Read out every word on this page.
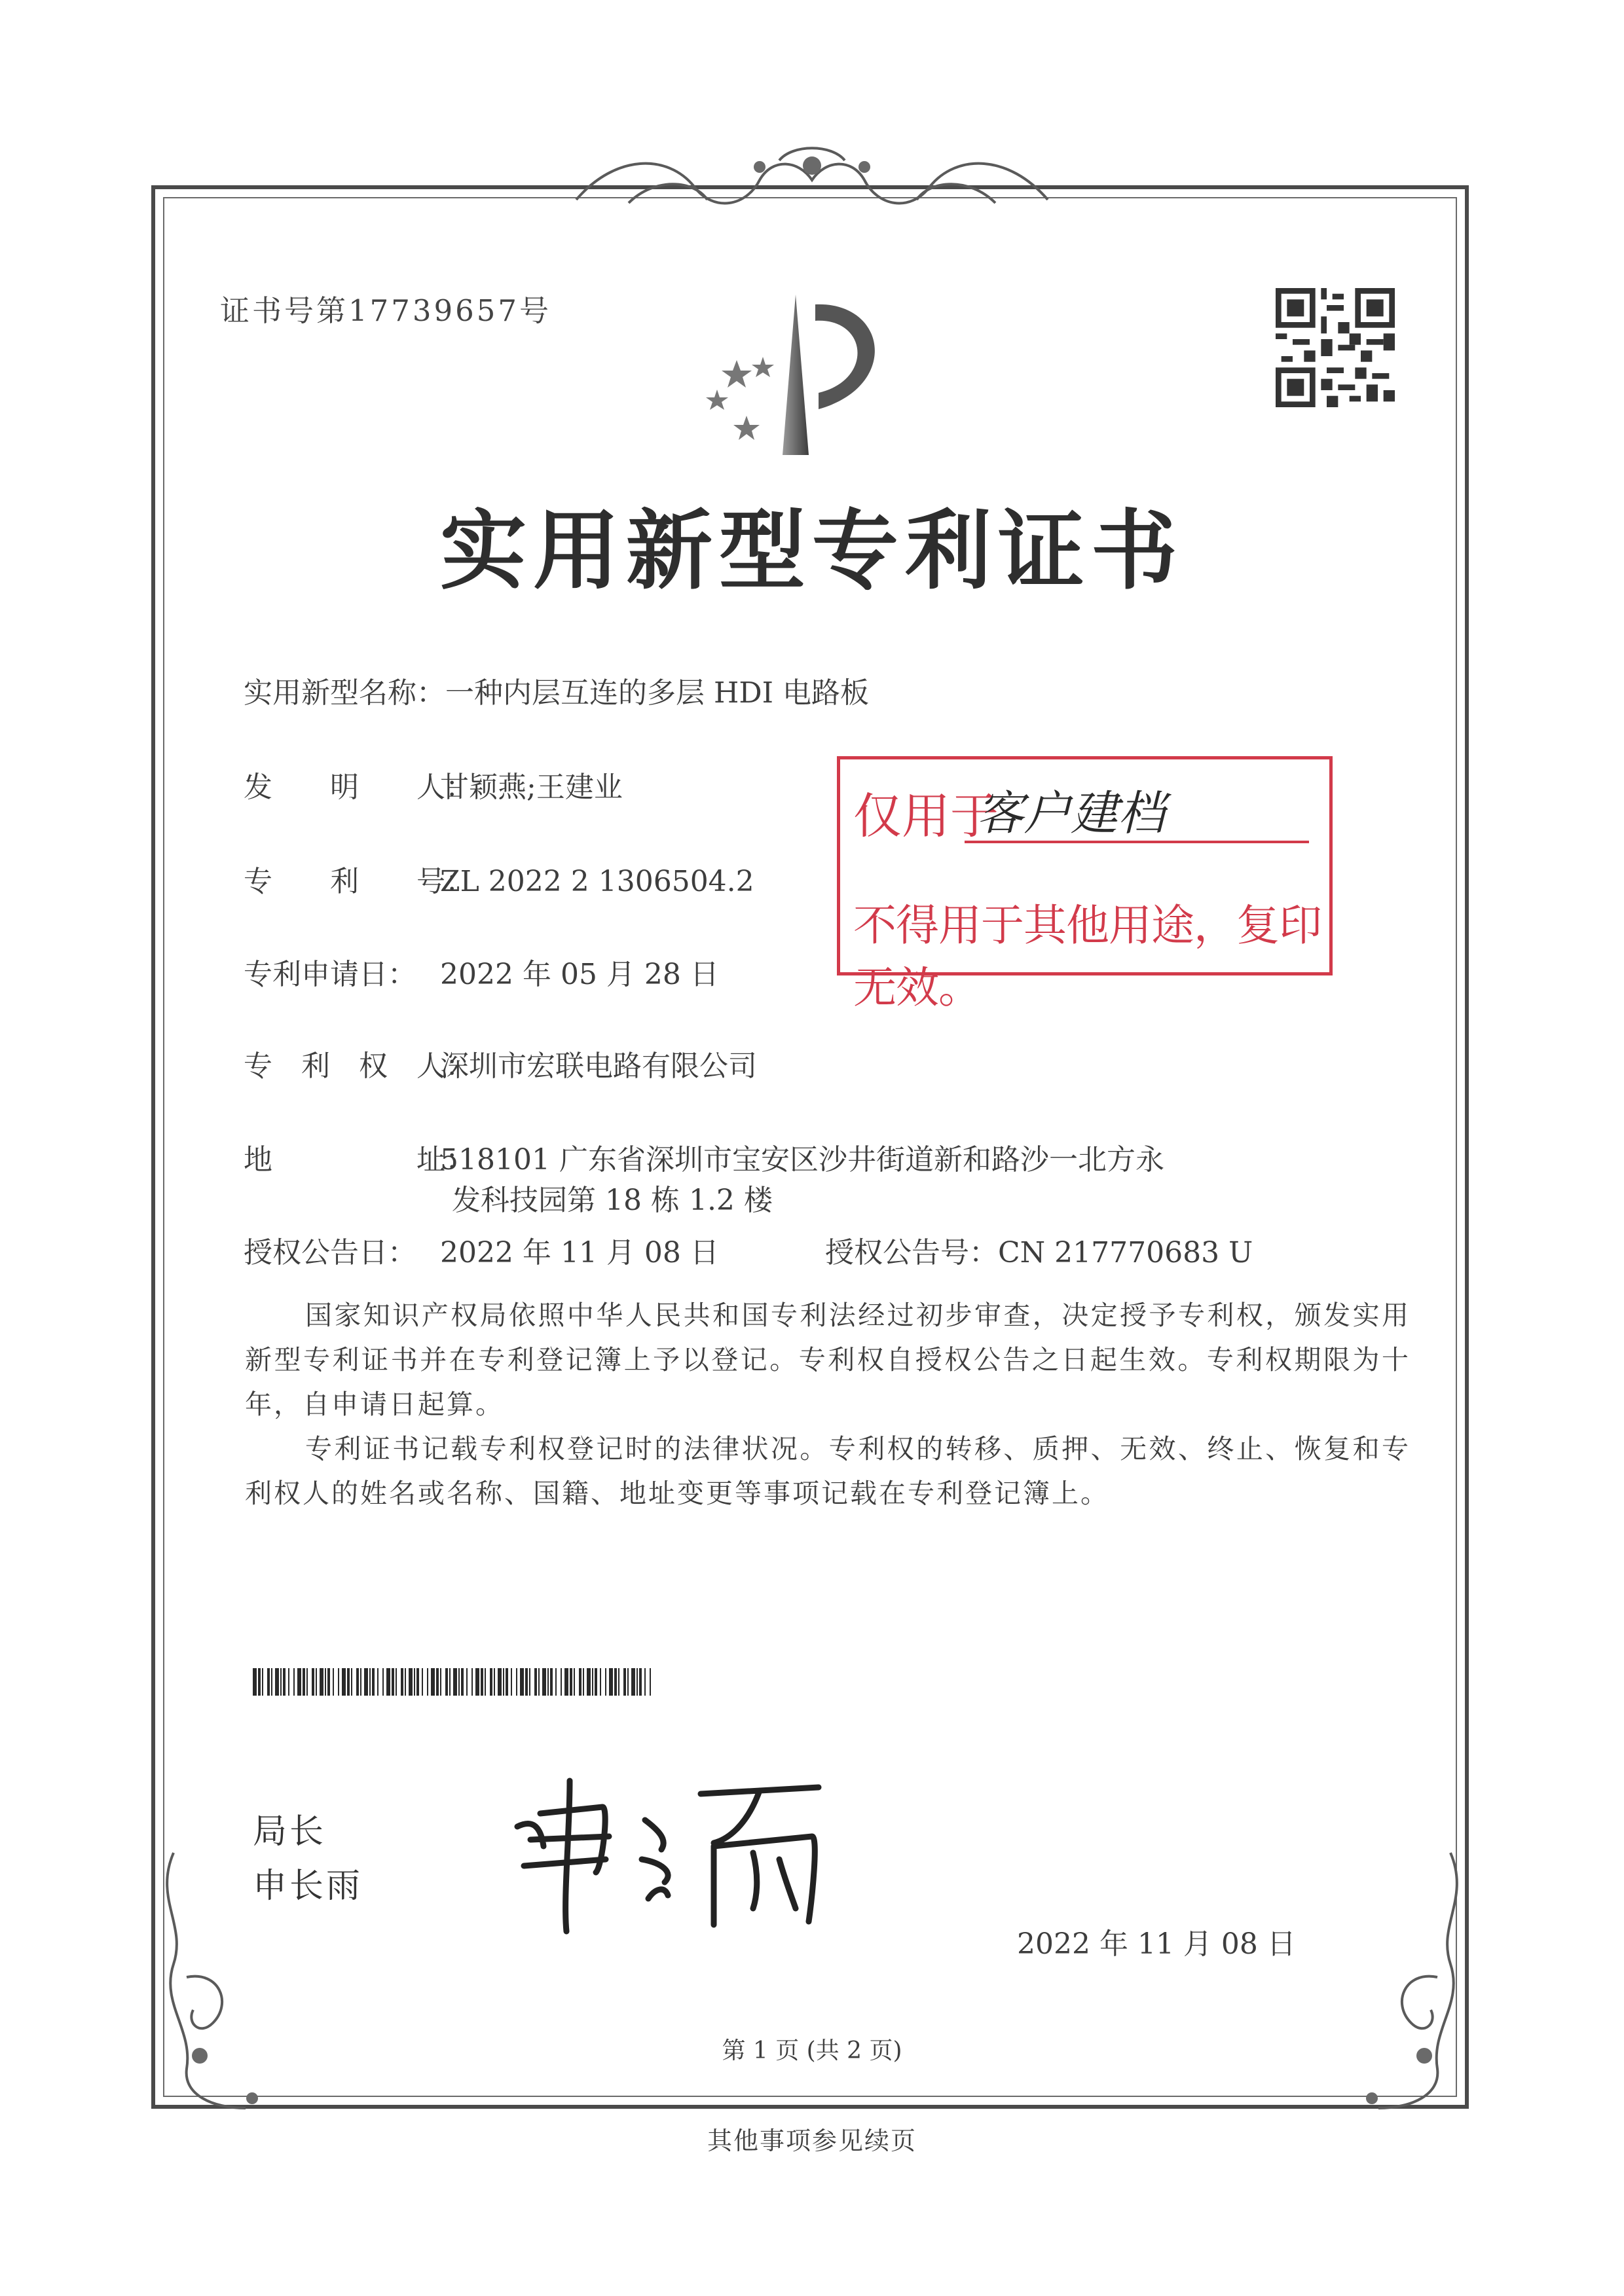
证书号第17739657号
实用新型专利证书
实用新型名称：一种内层互连的多层 HDI 电路板
发　　明　　人：甘颖燕;王建业
专　　利　　号：ZL 2022 2 1306504.2
专利申请日： 2022 年 05 月 28 日
专　利　权　人：深圳市宏联电路有限公司
地　　　　　址：518101 广东省深圳市宝安区沙井街道新和路沙一北方永
发科技园第 18 栋 1.2 楼
授权公告日： 2022 年 11 月 08 日	授权公告号：CN 217770683 U
仅用于
客户建档
不得用于其他用途，复印无效。

国家知识产权局依照中华人民共和国专利法经过初步审查，决定授予专利权，颁发实用新型专利证书并在专利登记簿上予以登记。专利权自授权公告之日起生效。专利权期限为十年，自申请日起算。

专利证书记载专利权登记时的法律状况。专利权的转移、质押、无效、终止、恢复和专利权人的姓名或名称、国籍、地址变更等事项记载在专利登记簿上。

局长
申长雨
2022 年 11 月 08 日
第 1 页 (共 2 页)
其他事项参见续页
